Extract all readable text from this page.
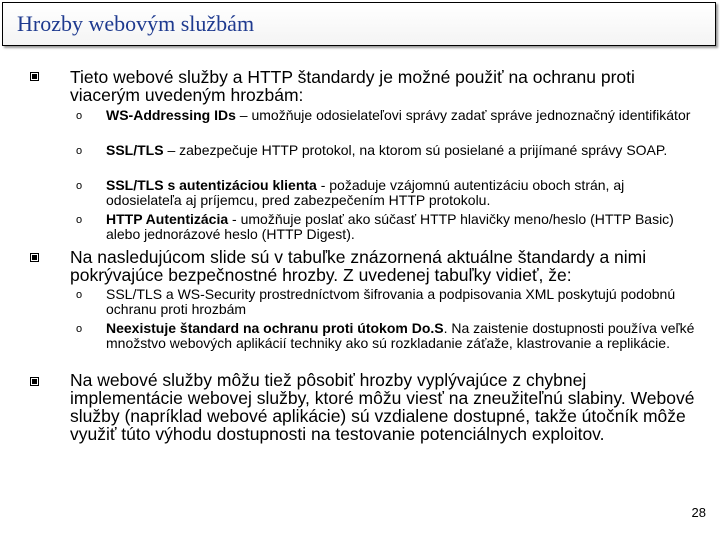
Hrozby webovým službám
Tieto webové služby a HTTP štandardy je možné použiť na ochranu proti viacerým uvedeným hrozbám:
o WS-Addressing IDs – umožňuje odosielateľovi správy zadať správe jednoznačný identifikátor
o SSL/TLS – zabezpečuje HTTP protokol, na ktorom sú posielané a prijímané správy SOAP.
o SSL/TLS s autentizáciou klienta - požaduje vzájomnú autentizáciu oboch strán, aj odosielateľa aj príjemcu, pred zabezpečením HTTP protokolu.
o HTTP Autentizácia - umožňuje poslať ako súčasť HTTP hlavičky meno/heslo (HTTP Basic) alebo jednorázové heslo (HTTP Digest).
Na nasledujúcom slide sú v tabuľke znázornená aktuálne štandardy a nimi pokrývajúce bezpečnostné hrozby. Z uvedenej tabuľky vidieť, že:
o SSL/TLS a WS-Security prostredníctvom šifrovania a podpisovania XML poskytujú podobnú ochranu proti hrozbám
o Neexistuje štandard na ochranu proti útokom Do.S. Na zaistenie dostupnosti používa veľké množstvo webových aplikácií techniky ako sú rozkladanie záťaže, klastrovanie a replikácie.
Na webové služby môžu tiež pôsobiť hrozby vyplývajúce z chybnej implementácie webovej služby, ktoré môžu viesť na zneužiteľnú slabiny. Webové služby (napríklad webové aplikácie) sú vzdialene dostupné, takže útočník môže využiť túto výhodu dostupnosti na testovanie potenciálnych exploitov.
28
